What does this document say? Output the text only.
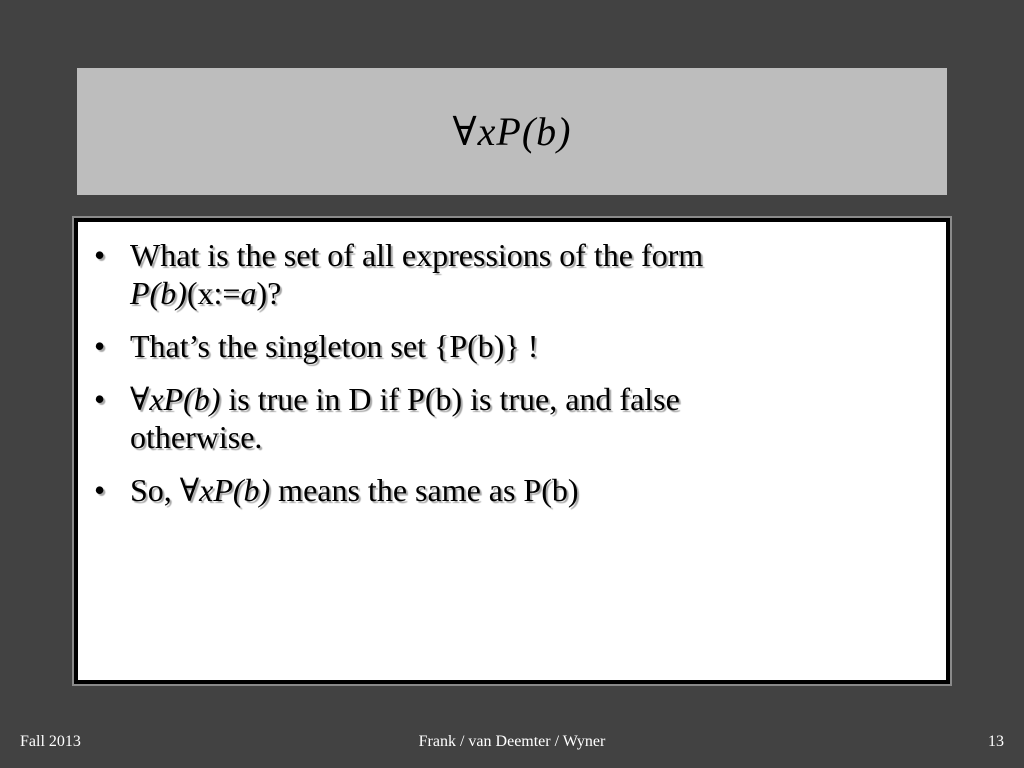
∀xP(b)
• What is the set of all expressions of the form
P(b)(x:=a)?
• That’s the singleton set {P(b)} !
• ∀xP(b) is true in D if P(b) is true, and false
otherwise.
• So, ∀xP(b) means the same as P(b)
Fall 2013	Frank / van Deemter / Wyner	13
